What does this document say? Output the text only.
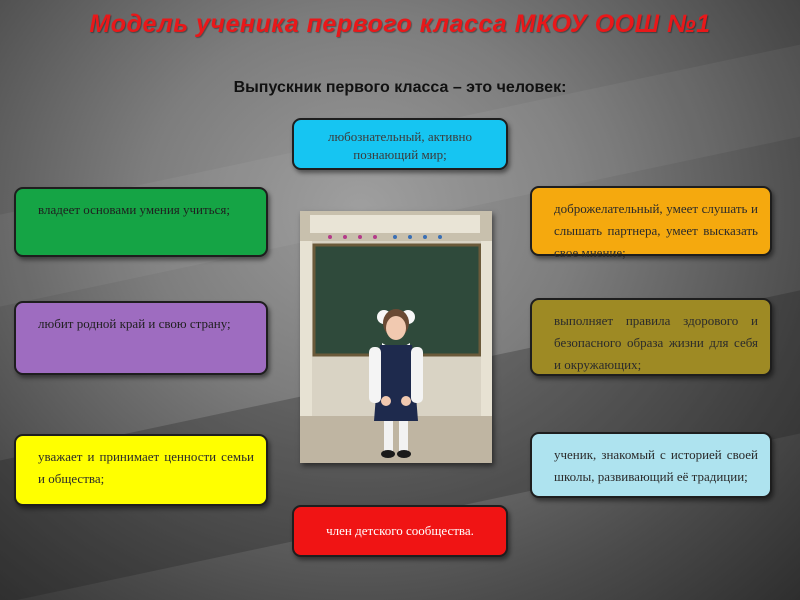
Модель ученика первого класса МКОУ ООШ №1
Выпускник первого класса – это человек:
любознательный, активно познающий мир;
владеет основами умения учиться;	доброжелательный, умеет слушать и слышать партнера, умеет высказать свое мнение;
любит родной край и свою страну;	выполняет правила здорового и безопасного образа жизни для себя и окружающих;
уважает и принимает ценности семьи и общества;
ученик, знакомый с историей своей школы, развивающий её традиции;
член детского сообщества.
